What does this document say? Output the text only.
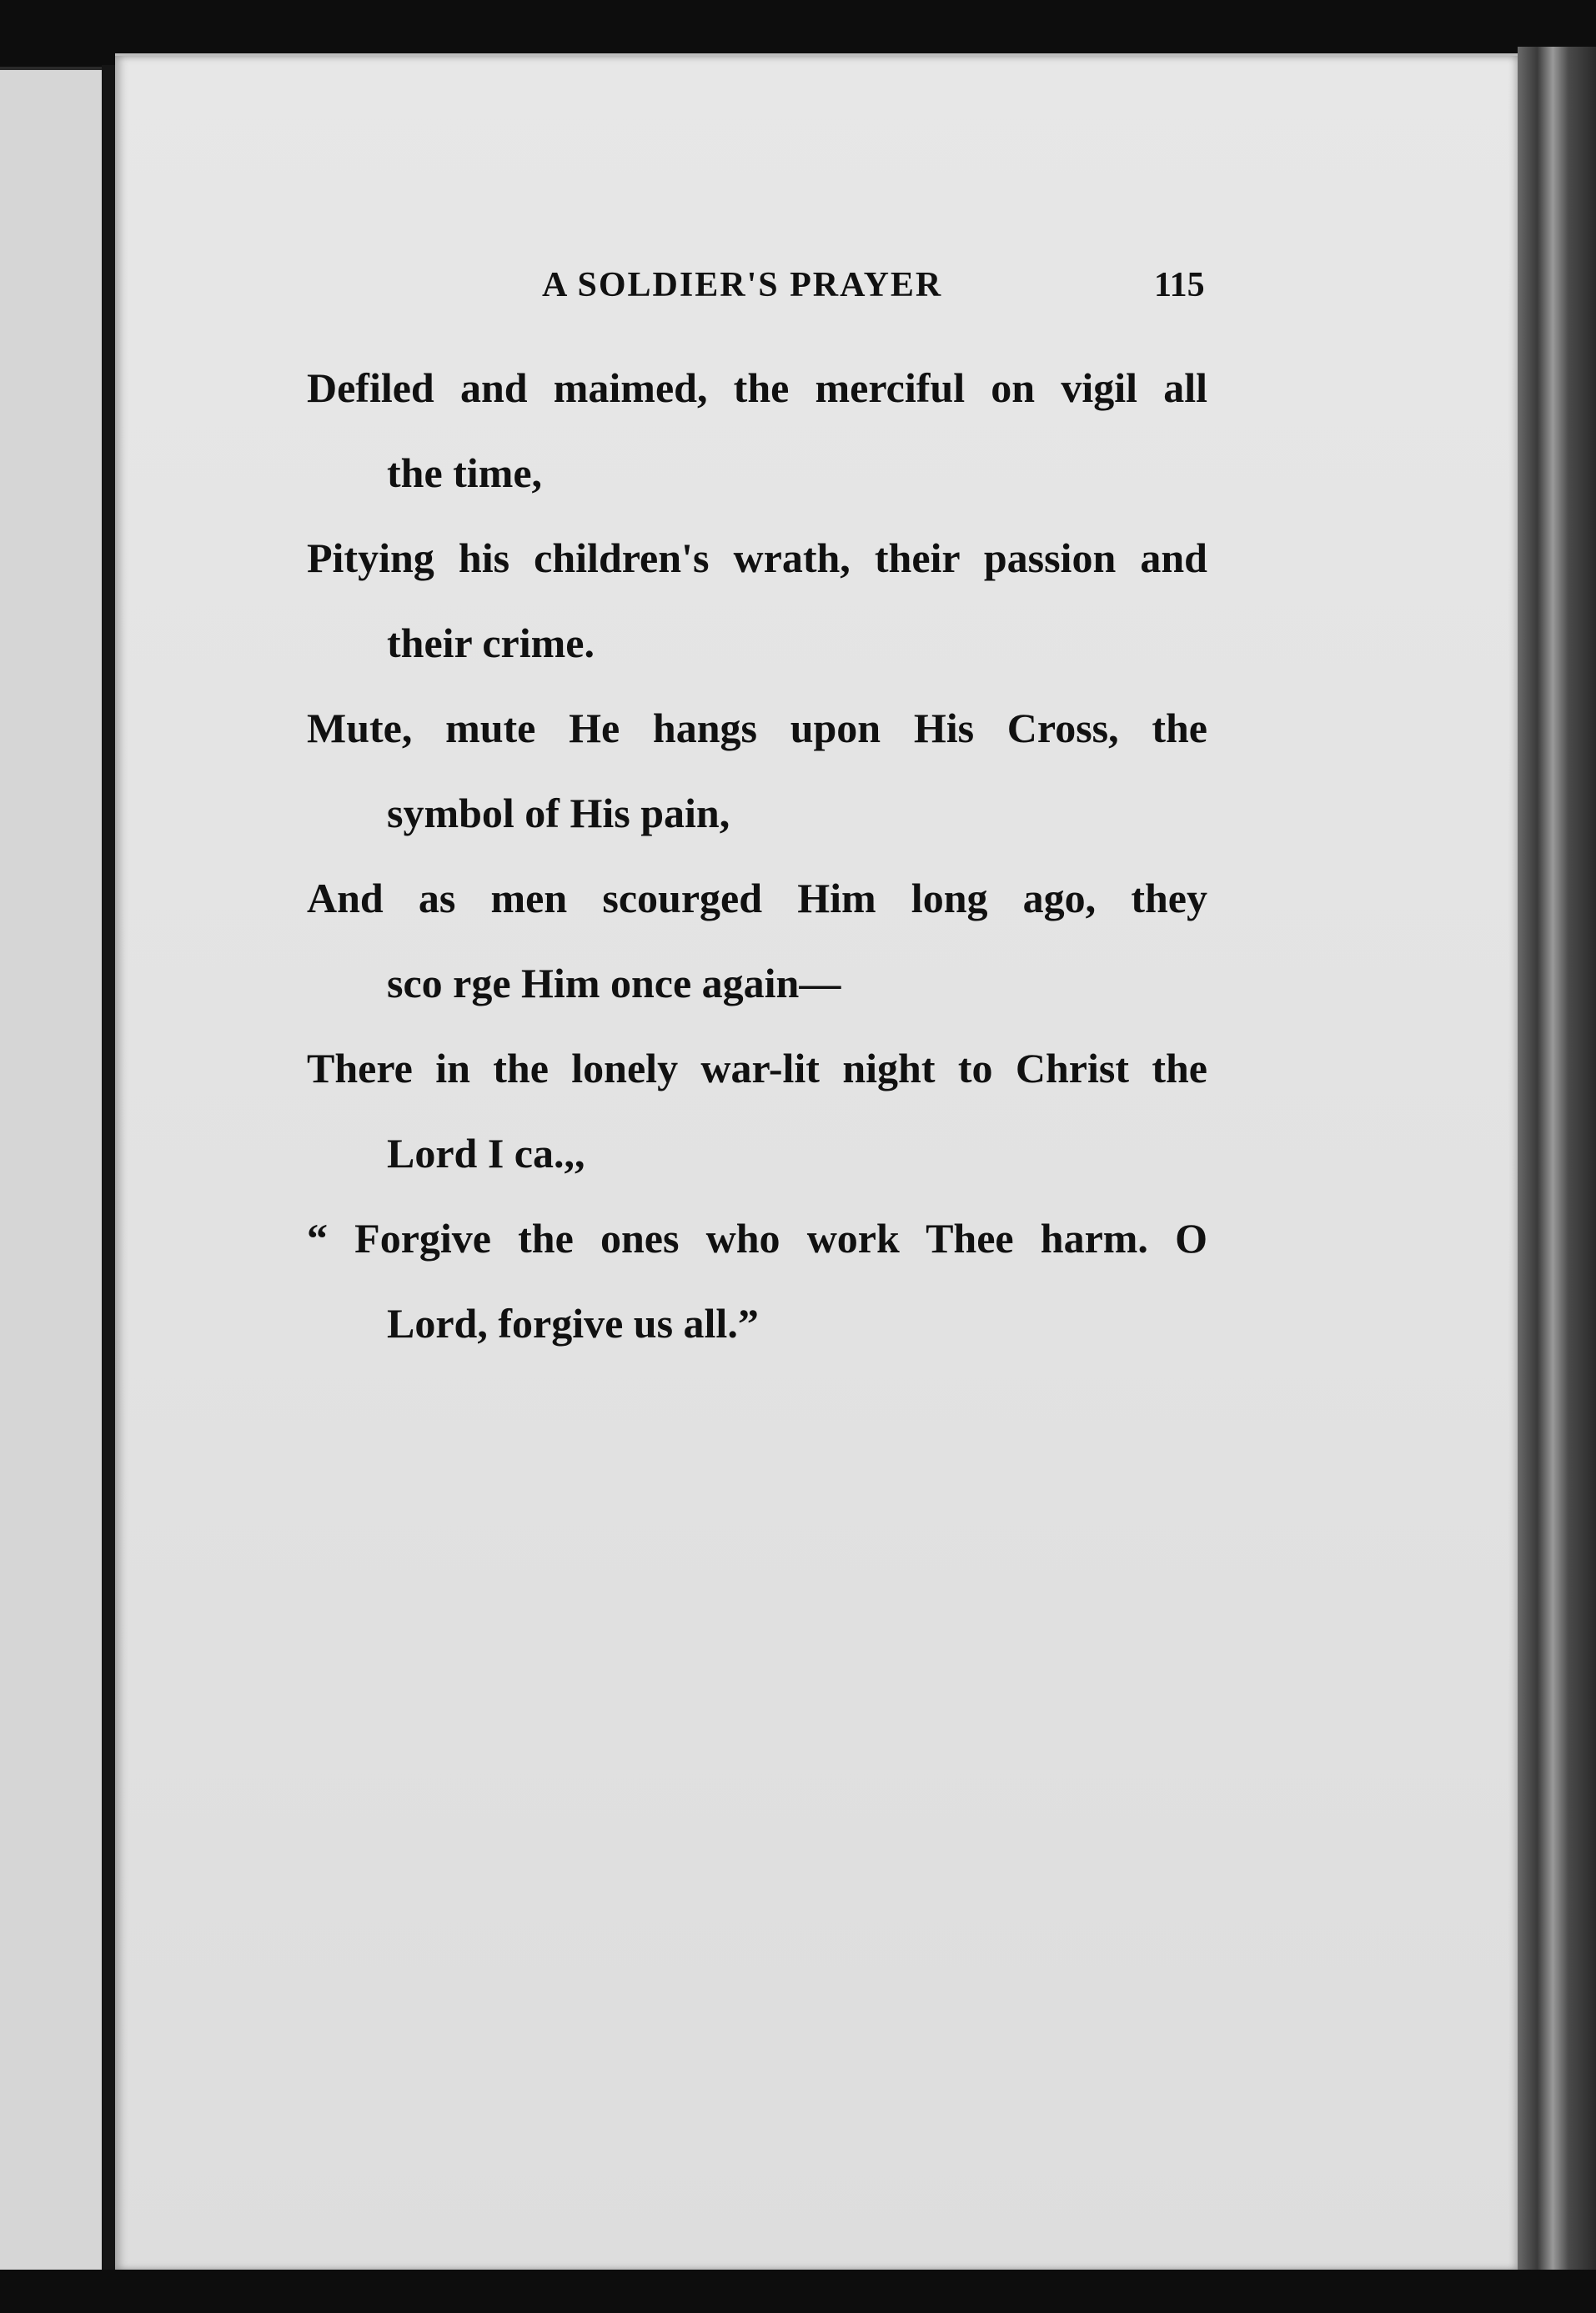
A SOLDIER'S PRAYER	115
Defiled and maimed, the merciful on vigil all
the time,
Pitying his children's wrath, their passion and
their crime.
Mute, mute He hangs upon His Cross, the
symbol of His pain,
And as men scourged Him long ago, they
sco rge Him once again—
There in the lonely war-lit night to Christ the
Lord I ca.,,
“ Forgive the ones who work Thee harm. O
Lord, forgive us all.”
